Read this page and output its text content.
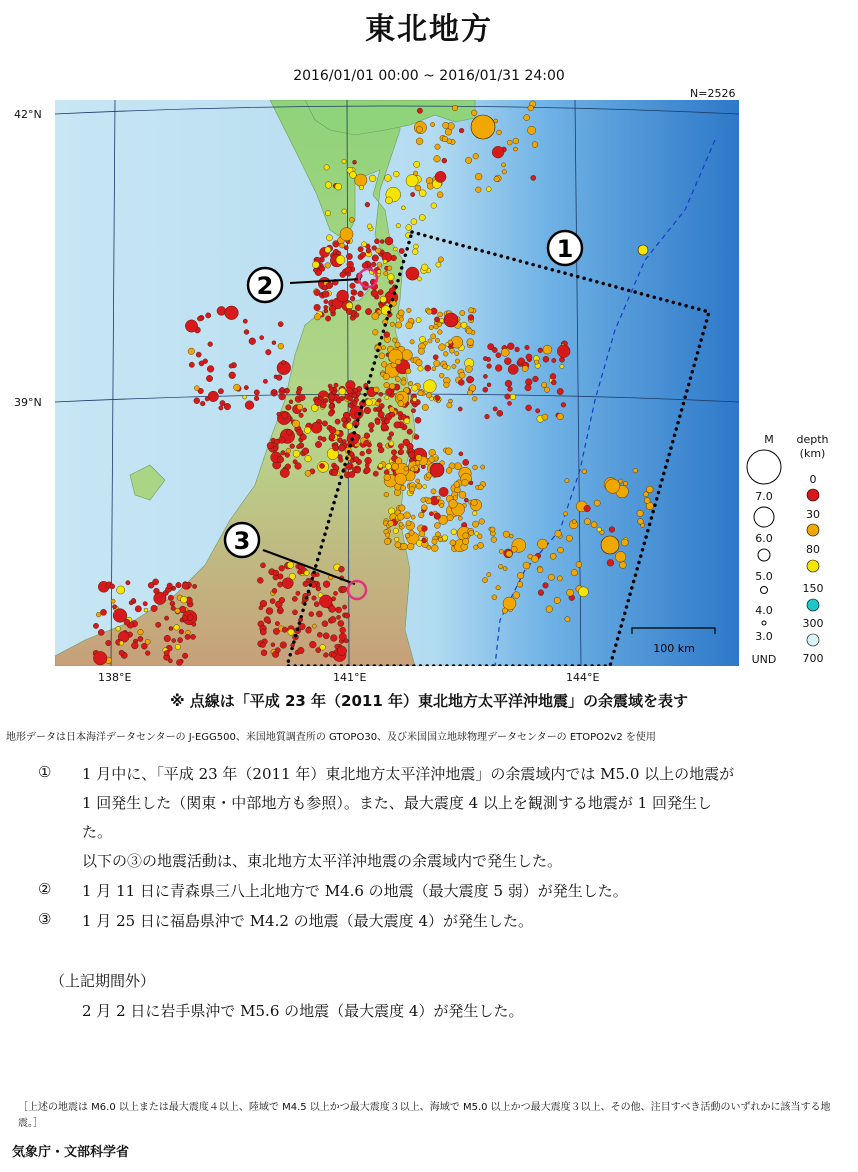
東北地方
2016/01/01 00:00 ~ 2016/01/31 24:00
N=2526
42°N
39°N
138°E	141°E	144°E
1
2
3
100 km
M	depth
(km)
7.0
6.0
5.0
4.0
3.0
UND
0
30
80
150
300
700
※ 点線は「平成 23 年（2011 年）東北地方太平洋沖地震」の余震域を表す
地形データは日本海洋データセンターの J-EGG500、米国地質調査所の GTOPO30、及び米国国立地球物理データセンターの ETOPO2v2 を使用
① 1 月中に、「平成 23 年（2011 年）東北地方太平洋沖地震」の余震域内では M5.0 以上の地震が
1 回発生した（関東・中部地方も参照）。また、最大震度 4 以上を観測する地震が 1 回発生し
た。
以下の③の地震活動は、東北地方太平洋沖地震の余震域内で発生した。
② 1 月 11 日に青森県三八上北地方で M4.6 の地震（最大震度 5 弱）が発生した。
③ 1 月 25 日に福島県沖で M4.2 の地震（最大震度 4）が発生した。
（上記期間外）
2 月 2 日に岩手県沖で M5.6 の地震（最大震度 4）が発生した。
［上述の地震は M6.0 以上または最大震度４以上、陸域で M4.5 以上かつ最大震度３以上、海域で M5.0 以上かつ最大震度３以上、その他、注目すべき活動のいずれかに該当する地震。］
気象庁・文部科学省
